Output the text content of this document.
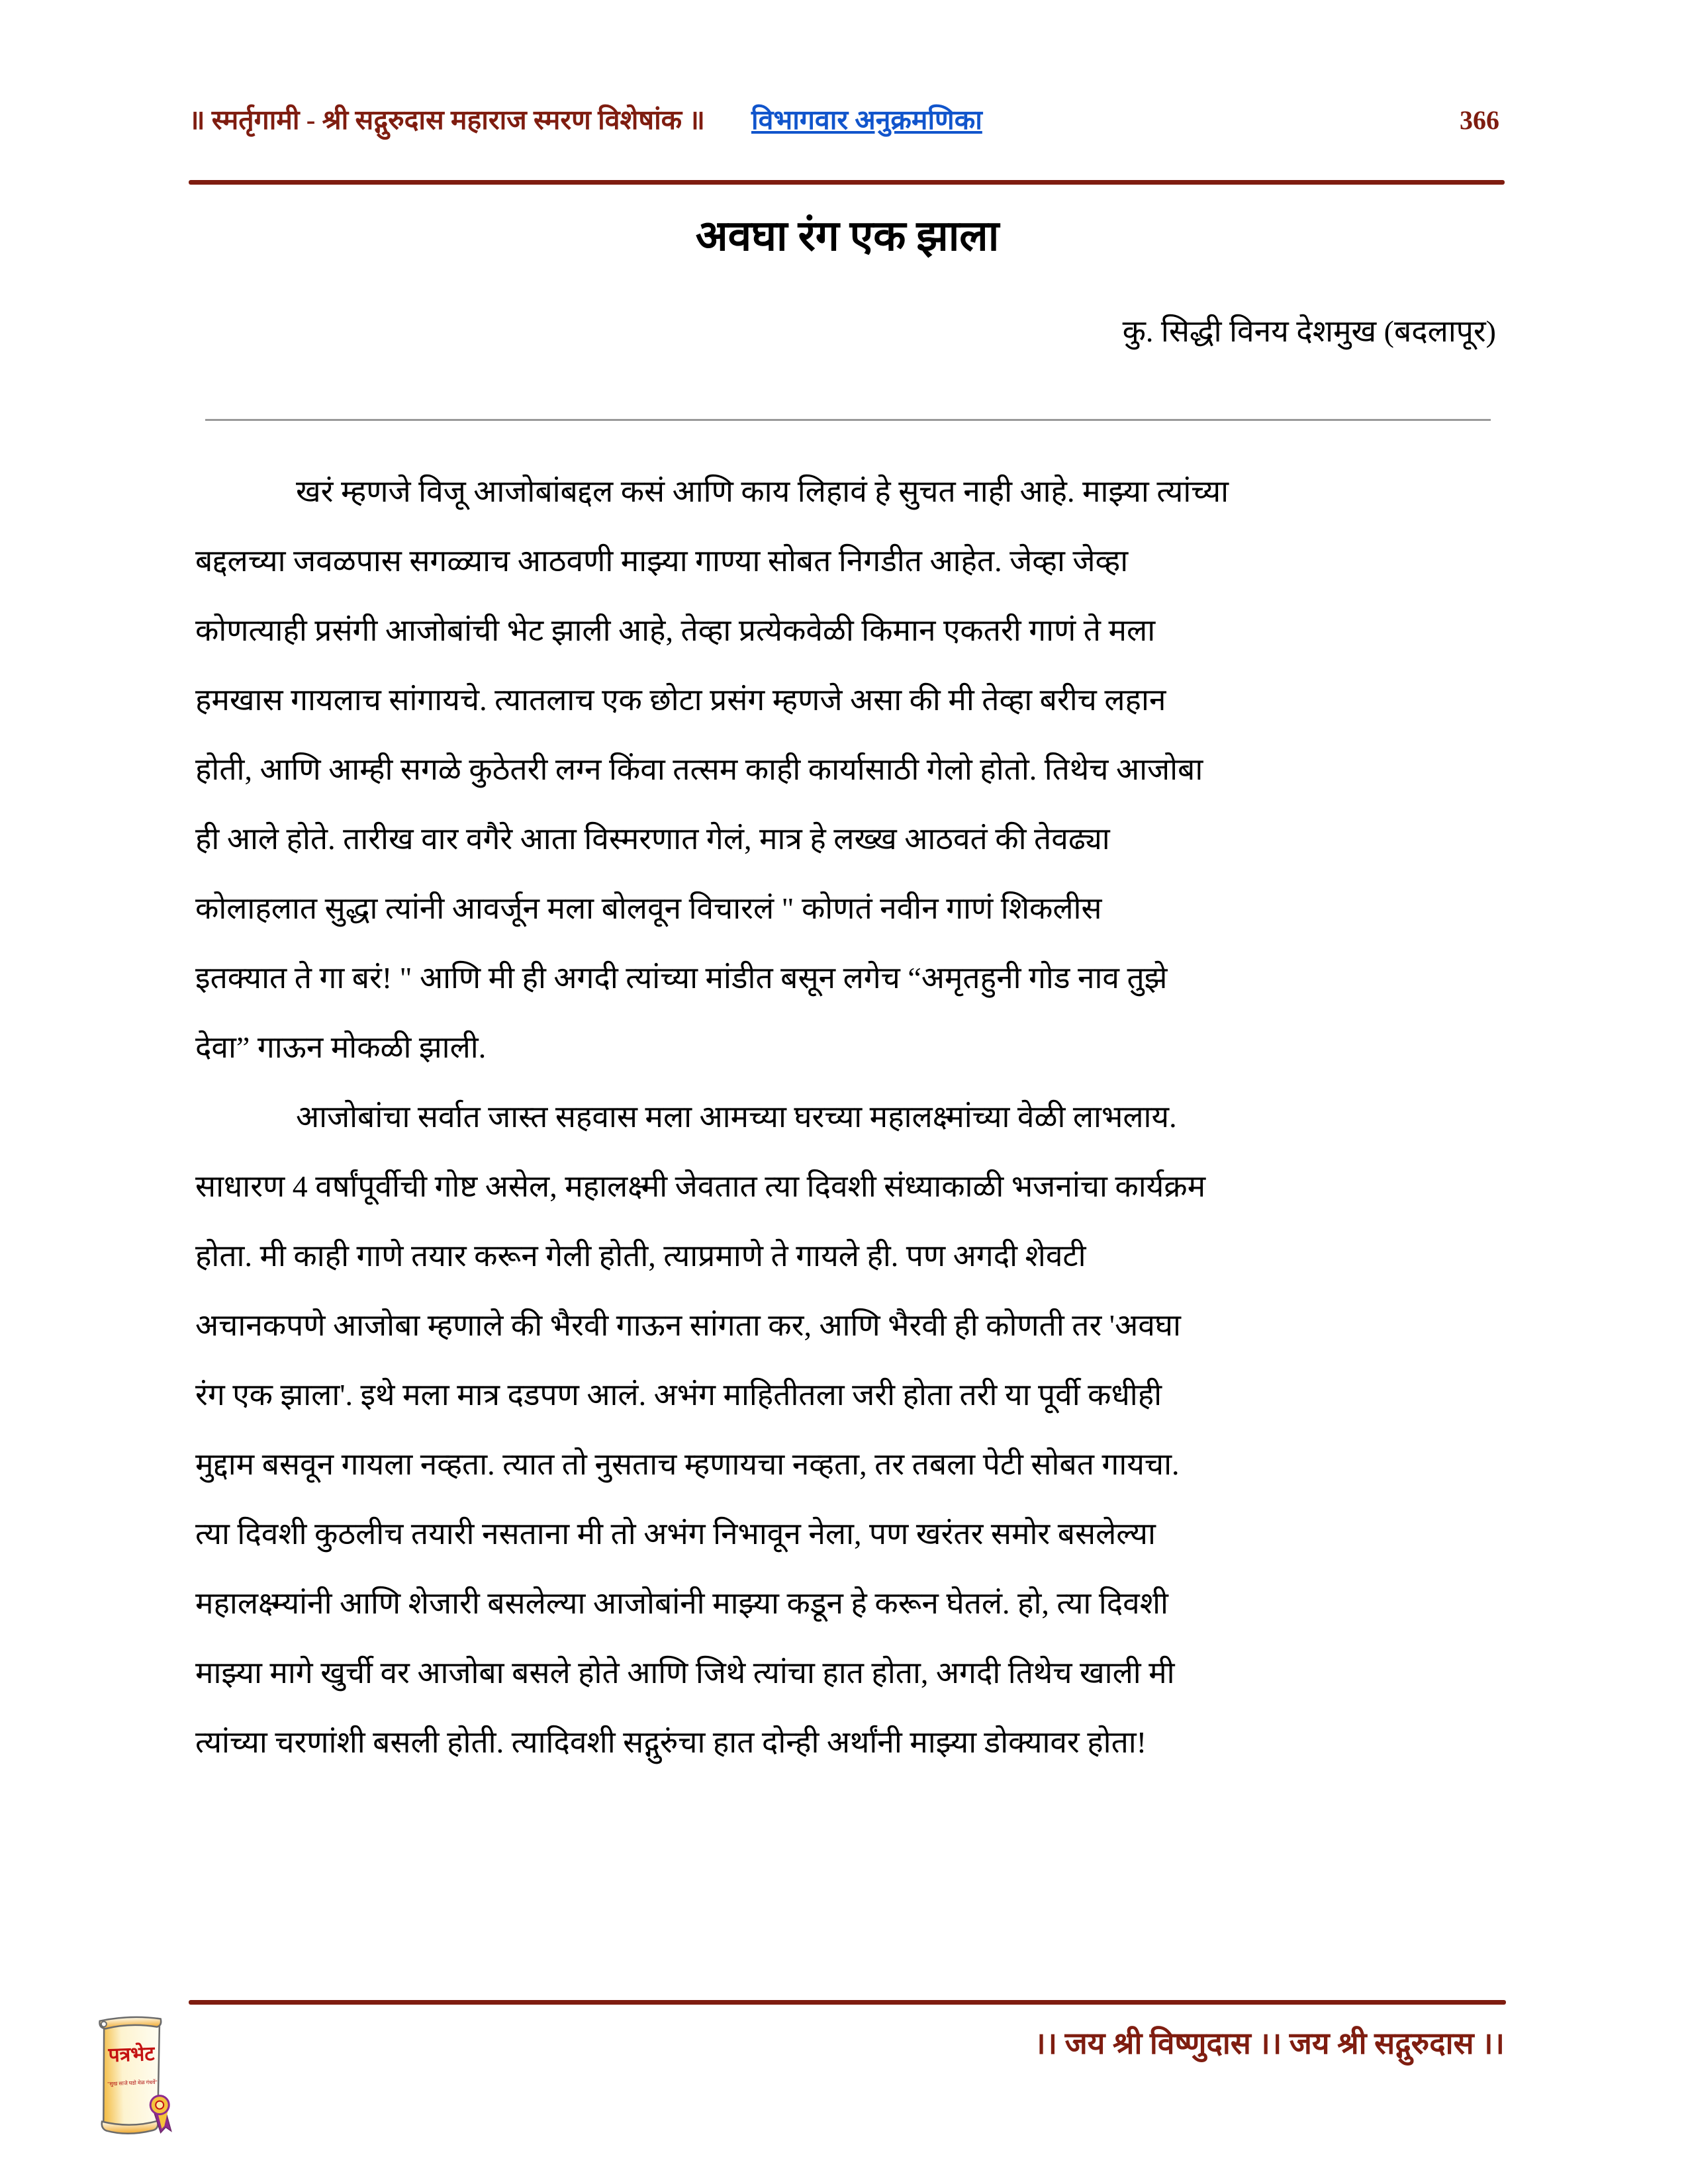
॥ स्मर्तृगामी - श्री सद्गुरुदास महाराज स्मरण विशेषांक ॥ विभागवार अनुक्रमणिका	366
अवघा रंग एक झाला
कु. सिद्धी विनय देशमुख (बदलापूर)
खरं म्हणजे विजू आजोबांबद्दल कसं आणि काय लिहावं हे सुचत नाही आहे. माझ्या त्यांच्या
बद्दलच्या जवळपास सगळ्याच आठवणी माझ्या गाण्या सोबत निगडीत आहेत. जेव्हा जेव्हा
कोणत्याही प्रसंगी आजोबांची भेट झाली आहे, तेव्हा प्रत्येकवेळी किमान एकतरी गाणं ते मला
हमखास गायलाच सांगायचे. त्यातलाच एक छोटा प्रसंग म्हणजे असा की मी तेव्हा बरीच लहान
होती, आणि आम्ही सगळे कुठेतरी लग्न किंवा तत्सम काही कार्यासाठी गेलो होतो. तिथेच आजोबा
ही आले होते. तारीख वार वगैरे आता विस्मरणात गेलं, मात्र हे लख्ख आठवतं की तेवढ्या
कोलाहलात सुद्धा त्यांनी आवर्जून मला बोलवून विचारलं " कोणतं नवीन गाणं शिकलीस
इतक्यात ते गा बरं! " आणि मी ही अगदी त्यांच्या मांडीत बसून लगेच “अमृतहुनी गोड नाव तुझे
देवा” गाऊन मोकळी झाली.
आजोबांचा सर्वात जास्त सहवास मला आमच्या घरच्या महालक्ष्मांच्या वेळी लाभलाय.
साधारण 4 वर्षांपूर्वीची गोष्ट असेल, महालक्ष्मी जेवतात त्या दिवशी संध्याकाळी भजनांचा कार्यक्रम
होता. मी काही गाणे तयार करून गेली होती, त्याप्रमाणे ते गायले ही. पण अगदी शेवटी
अचानकपणे आजोबा म्हणाले की भैरवी गाऊन सांगता कर, आणि भैरवी ही कोणती तर 'अवघा
रंग एक झाला'. इथे मला मात्र दडपण आलं. अभंग माहितीतला जरी होता तरी या पूर्वी कधीही
मुद्दाम बसवून गायला नव्हता. त्यात तो नुसताच म्हणायचा नव्हता, तर तबला पेटी सोबत गायचा.
त्या दिवशी कुठलीच तयारी नसताना मी तो अभंग निभावून नेला, पण खरंतर समोर बसलेल्या
महालक्ष्म्यांनी आणि शेजारी बसलेल्या आजोबांनी माझ्या कडून हे करून घेतलं. हो, त्या दिवशी
माझ्या मागे खुर्ची वर आजोबा बसले होते आणि जिथे त्यांचा हात होता, अगदी तिथेच खाली मी
त्यांच्या चरणांशी बसली होती. त्यादिवशी सद्गुरुंचा हात दोन्ही अर्थांनी माझ्या डोक्यावर होता!
।। जय श्री विष्णुदास ।। जय श्री सद्गुरुदास ।।
पत्रभेट
"सुख साजे घडो मेळ गंधर्वे"
